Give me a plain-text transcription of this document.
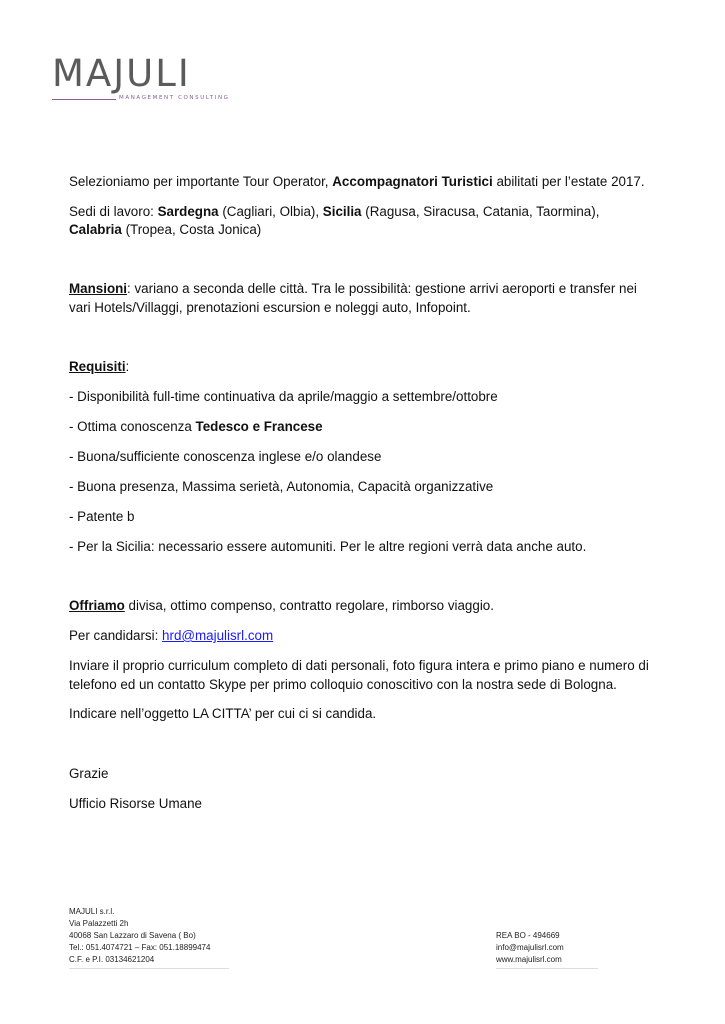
MAJULI
MANAGEMENT CONSULTING
Selezioniamo per importante Tour Operator, Accompagnatori Turistici abilitati per l’estate 2017.
Sedi di lavoro: Sardegna (Cagliari, Olbia), Sicilia (Ragusa, Siracusa, Catania, Taormina),
Calabria (Tropea, Costa Jonica)
Mansioni: variano a seconda delle città. Tra le possibilità: gestione arrivi aeroporti e transfer nei
vari Hotels/Villaggi, prenotazioni escursion e noleggi auto, Infopoint.
Requisiti:
- Disponibilità full-time continuativa da aprile/maggio a settembre/ottobre
- Ottima conoscenza Tedesco e Francese
- Buona/sufficiente conoscenza inglese e/o olandese
- Buona presenza, Massima serietà, Autonomia, Capacità organizzative
- Patente b
- Per la Sicilia: necessario essere automuniti. Per le altre regioni verrà data anche auto.
Offriamo divisa, ottimo compenso, contratto regolare, rimborso viaggio.
Per candidarsi: hrd@majulisrl.com
Inviare il proprio curriculum completo di dati personali, foto figura intera e primo piano e numero di
telefono ed un contatto Skype per primo colloquio conoscitivo con la nostra sede di Bologna.
Indicare nell’oggetto LA CITTA’ per cui ci si candida.
Grazie
Ufficio Risorse Umane
MAJULI s.r.l.
Via Palazzetti 2h
40068 San Lazzaro di Savena ( Bo)
Tel.: 051.4074721 – Fax: 051.18899474
C.F. e P.I. 03134621204
REA BO - 494669
info@majulisrl.com
www.majulisrl.com
